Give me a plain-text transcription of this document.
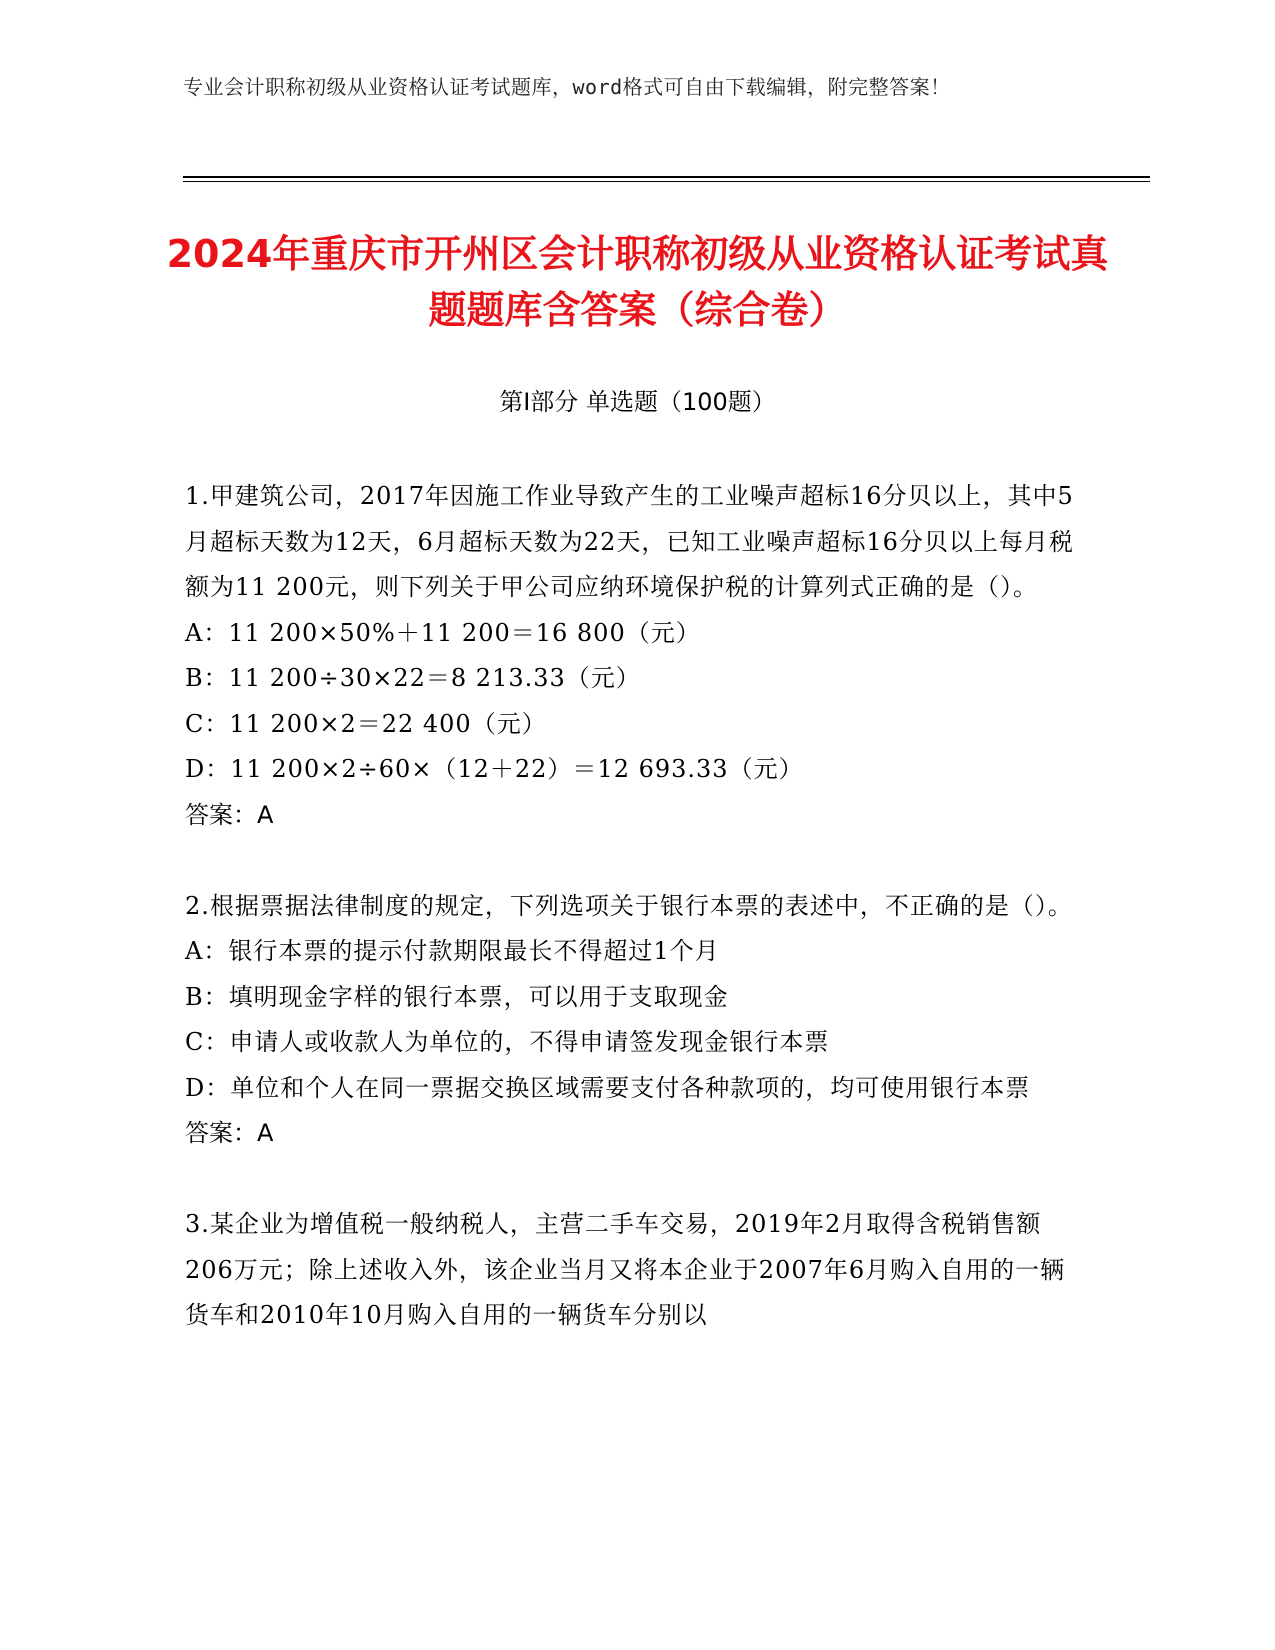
专业会计职称初级从业资格认证考试题库，word格式可自由下载编辑，附完整答案！
2024年重庆市开州区会计职称初级从业资格认证考试真题题库含答案（综合卷）
第Ⅰ部分 单选题（100题）

1.甲建筑公司，2017年因施工作业导致产生的工业噪声超标16分贝以上，其中5月超标天数为12天，6月超标天数为22天，已知工业噪声超标16分贝以上每月税额为11 200元，则下列关于甲公司应纳环境保护税的计算列式正确的是（）。

A：11 200×50%＋11 200＝16 800（元）

B：11 200÷30×22＝8 213.33（元）

C：11 200×2＝22 400（元）

D：11 200×2÷60×（12＋22）＝12 693.33（元）

答案：A

2.根据票据法律制度的规定，下列选项关于银行本票的表述中，不正确的是（）。

A：银行本票的提示付款期限最长不得超过1个月

B：填明现金字样的银行本票，可以用于支取现金

C：申请人或收款人为单位的，不得申请签发现金银行本票

D：单位和个人在同一票据交换区域需要支付各种款项的，均可使用银行本票

答案：A

3.某企业为增值税一般纳税人，主营二手车交易，2019年2月取得含税销售额206万元；除上述收入外，该企业当月又将本企业于2007年6月购入自用的一辆货车和2010年10月购入自用的一辆货车分别以
